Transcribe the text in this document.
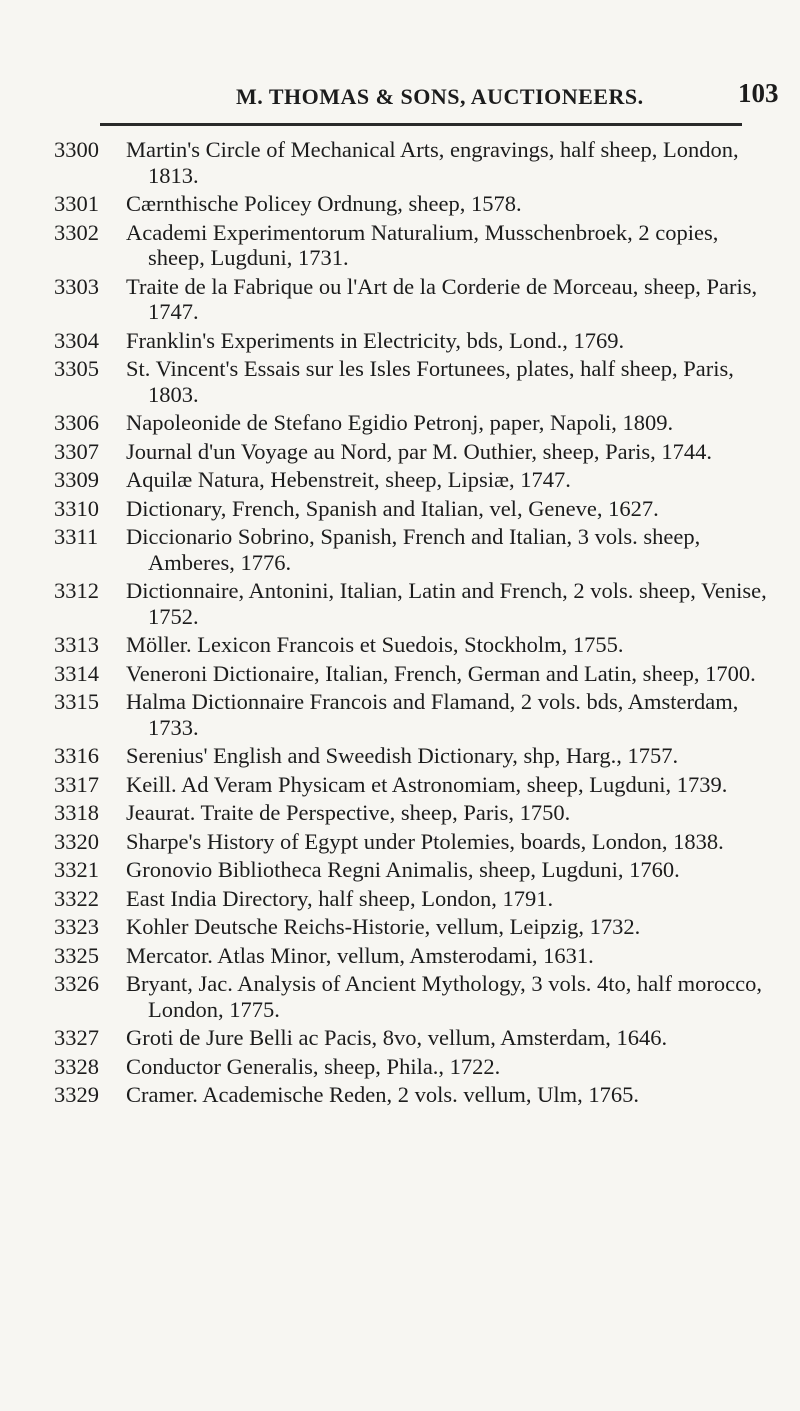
M. THOMAS & SONS, AUCTIONEERS.	103
3300	Martin's Circle of Mechanical Arts, engravings, half sheep, London, 1813.
3301	Cærnthische Policey Ordnung, sheep, 1578.
3302	Academi Experimentorum Naturalium, Musschenbroek, 2 copies, sheep, Lugduni, 1731.
3303	Traite de la Fabrique ou l'Art de la Corderie de Morceau, sheep, Paris, 1747.
3304	Franklin's Experiments in Electricity, bds, Lond., 1769.
3305	St. Vincent's Essais sur les Isles Fortunees, plates, half sheep, Paris, 1803.
3306	Napoleonide de Stefano Egidio Petronj, paper, Napoli, 1809.
3307	Journal d'un Voyage au Nord, par M. Outhier, sheep, Paris, 1744.
3309	Aquilæ Natura, Hebenstreit, sheep, Lipsiæ, 1747.
3310	Dictionary, French, Spanish and Italian, vel, Geneve, 1627.
3311	Diccionario Sobrino, Spanish, French and Italian, 3 vols. sheep, Amberes, 1776.
3312	Dictionnaire, Antonini, Italian, Latin and French, 2 vols. sheep, Venise, 1752.
3313	Möller. Lexicon Francois et Suedois, Stockholm, 1755.
3314	Veneroni Dictionaire, Italian, French, German and Latin, sheep, 1700.
3315	Halma Dictionnaire Francois and Flamand, 2 vols. bds, Amsterdam, 1733.
3316	Serenius' English and Sweedish Dictionary, shp, Harg., 1757.
3317	Keill. Ad Veram Physicam et Astronomiam, sheep, Lugduni, 1739.
3318	Jeaurat. Traite de Perspective, sheep, Paris, 1750.
3320	Sharpe's History of Egypt under Ptolemies, boards, London, 1838.
3321	Gronovio Bibliotheca Regni Animalis, sheep, Lugduni, 1760.
3322	East India Directory, half sheep, London, 1791.
3323	Kohler Deutsche Reichs-Historie, vellum, Leipzig, 1732.
3325	Mercator. Atlas Minor, vellum, Amsterodami, 1631.
3326	Bryant, Jac. Analysis of Ancient Mythology, 3 vols. 4to, half morocco, London, 1775.
3327	Groti de Jure Belli ac Pacis, 8vo, vellum, Amsterdam, 1646.
3328	Conductor Generalis, sheep, Phila., 1722.
3329	Cramer. Academische Reden, 2 vols. vellum, Ulm, 1765.
